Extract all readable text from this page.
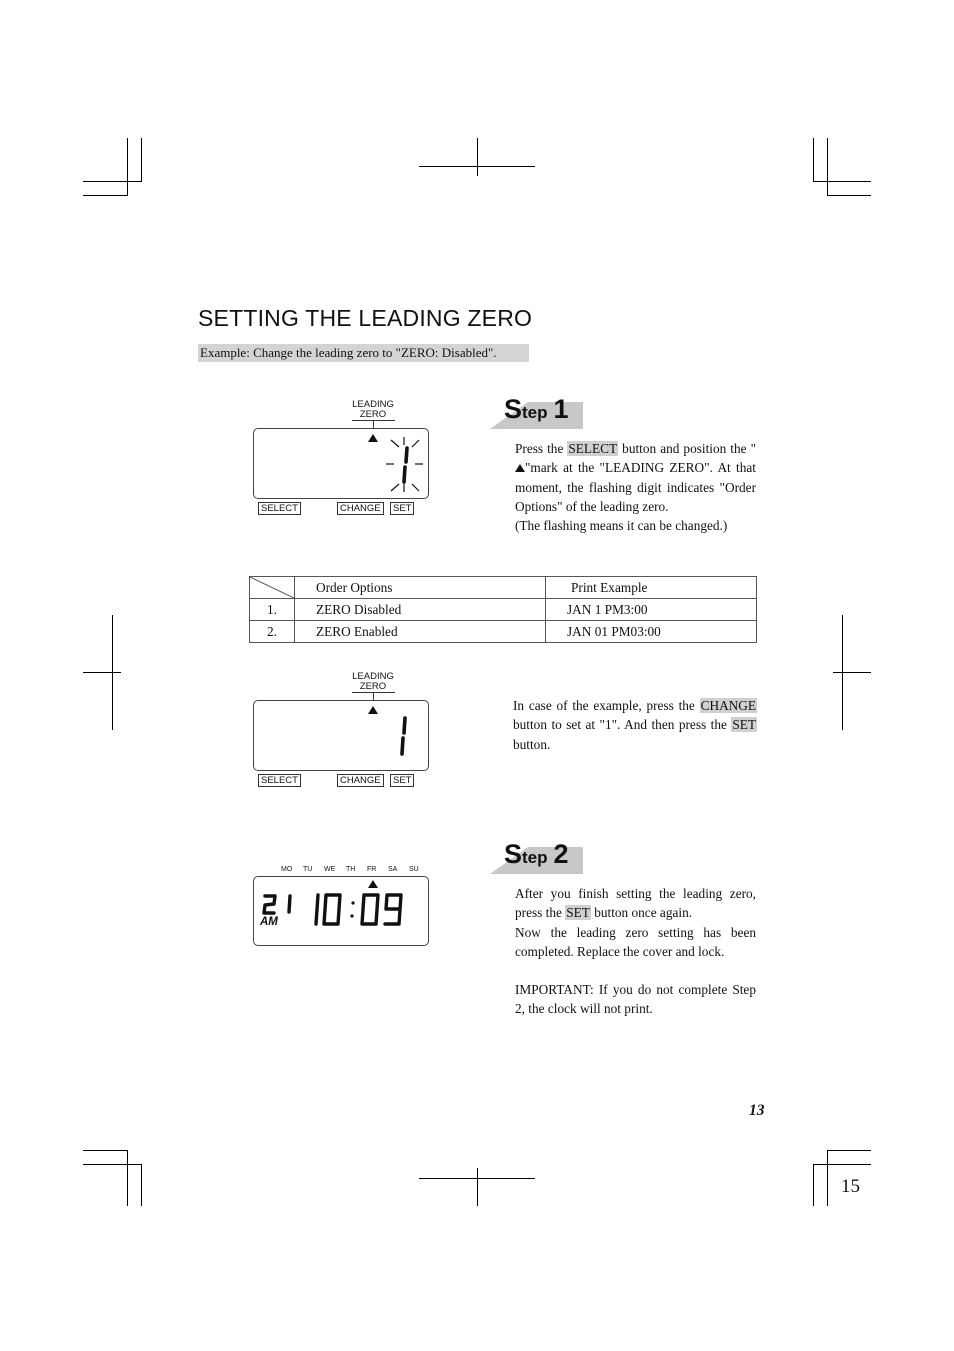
SETTING THE LEADING ZERO
Example: Change the leading zero to "ZERO: Disabled".
LEADING
ZERO
SELECT	CHANGE	SET
Step 1

Press the SELECT button and position the ""mark at the "LEADING ZERO". At that moment, the flashing digit indicates "Order Options" of the leading zero.

(The flashing means it can be changed.)

	Order Options	Print Example
1.	ZERO Disabled	JAN 1 PM3:00
2.	ZERO Enabled	JAN 01 PM03:00
LEADING
ZERO
SELECT	CHANGE	SET

In case of the example, press the CHANGE button to set at "1". And then press the SET button.

Step 2
MO TU WE TH FR SA SU
AM

After you finish setting the leading zero, press the SET button once again.

Now the leading zero setting has been completed. Replace the cover and lock.

IMPORTANT: If you do not complete Step 2, the clock will not print.

13
15
